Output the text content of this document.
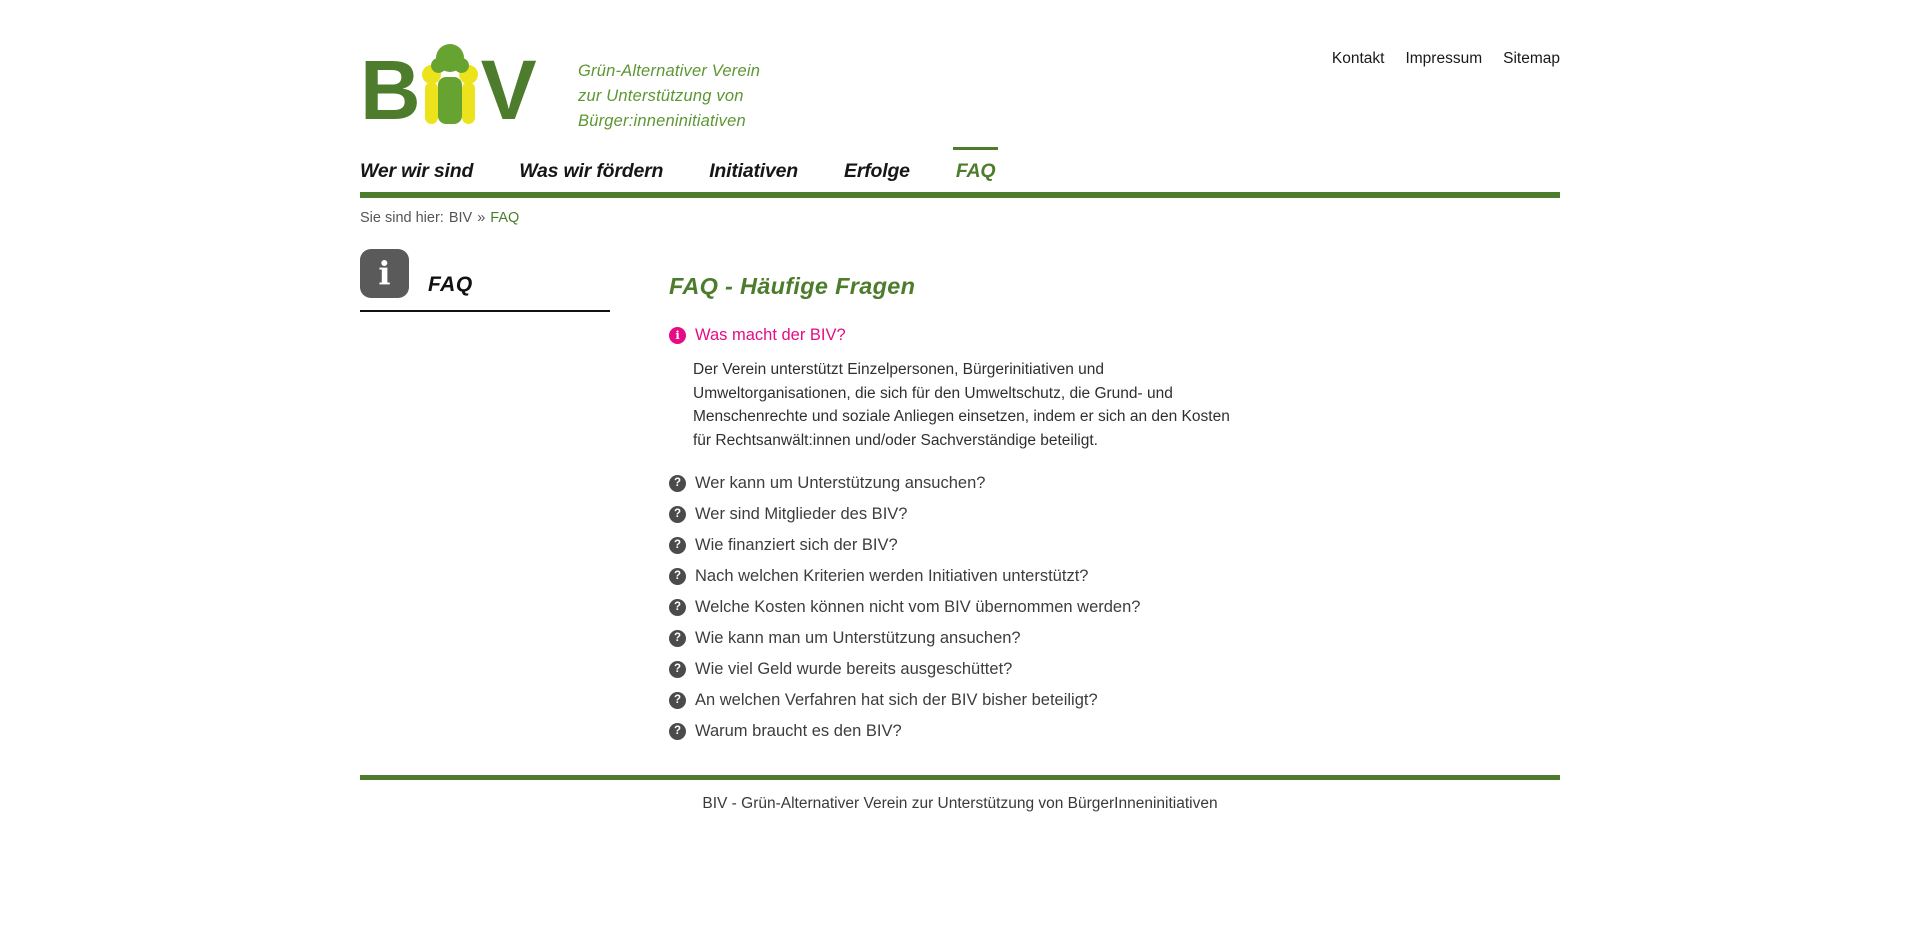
B V	Grün-Alternativer Verein
zur Unterstützung von
Bürger:inneninitiativen
Kontakt Impressum Sitemap
Wer wir sind Was wir fördern Initiativen Erfolge FAQ
Sie sind hier: BIV » FAQ
i FAQ	FAQ - Häufige Fragen
i Was macht der BIV?

Der Verein unterstützt Einzelpersonen, Bürgerinitiativen und Umweltorganisationen, die sich für den Umweltschutz, die Grund- und Menschenrechte und soziale Anliegen einsetzen, indem er sich an den Kosten für Rechtsanwält:innen und/oder Sachverständige beteiligt.

? Wer kann um Unterstützung ansuchen?
? Wer sind Mitglieder des BIV?
? Wie finanziert sich der BIV?
? Nach welchen Kriterien werden Initiativen unterstützt?
? Welche Kosten können nicht vom BIV übernommen werden?
? Wie kann man um Unterstützung ansuchen?
? Wie viel Geld wurde bereits ausgeschüttet?
? An welchen Verfahren hat sich der BIV bisher beteiligt?
? Warum braucht es den BIV?

BIV - Grün-Alternativer Verein zur Unterstützung von BürgerInneninitiativen
